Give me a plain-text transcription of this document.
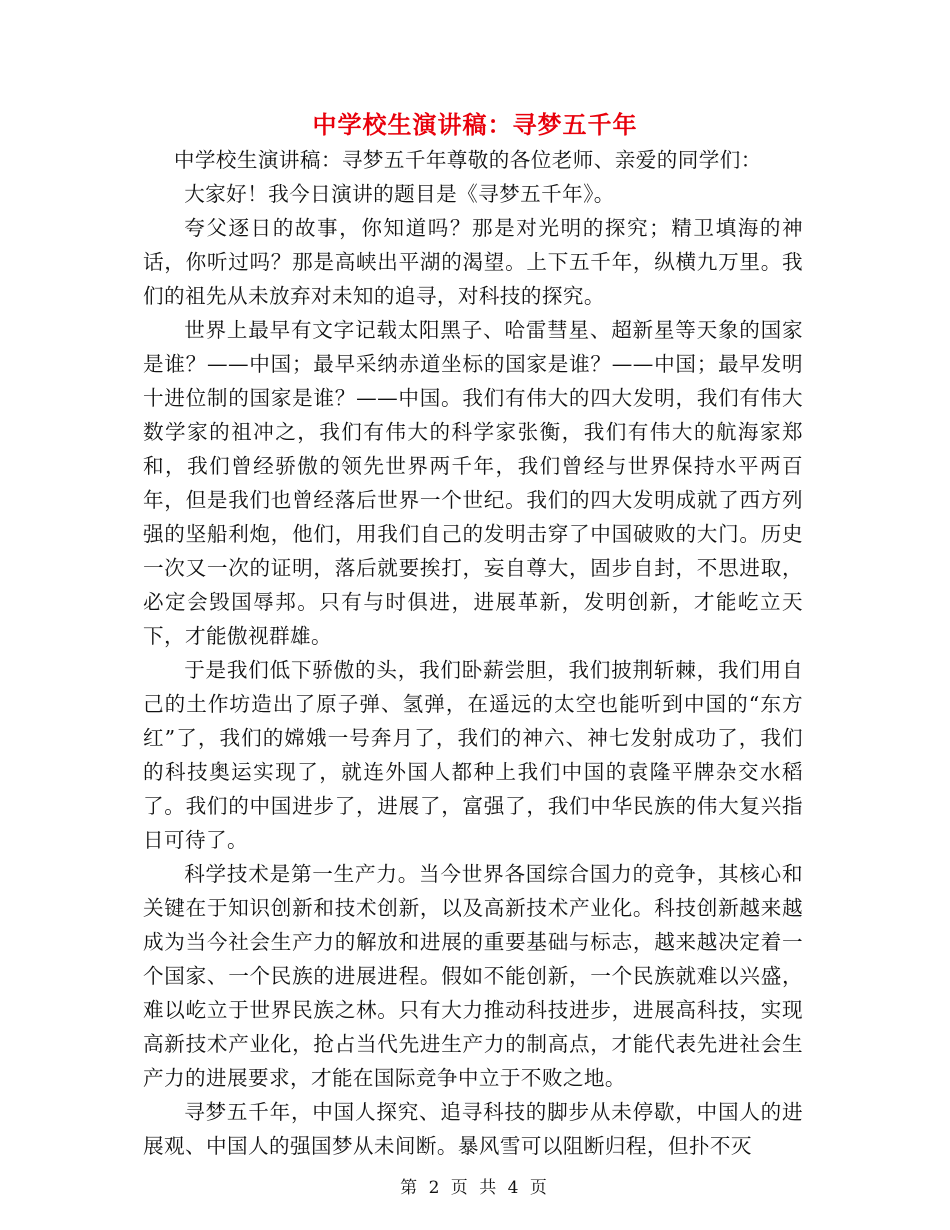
中学校生演讲稿：寻梦五千年

中学校生演讲稿：寻梦五千年尊敬的各位老师、亲爱的同学们：

大家好！我今日演讲的题目是《寻梦五千年》。

夸父逐日的故事，你知道吗？那是对光明的探究；精卫填海的神话，你听过吗？那是高峡出平湖的渴望。上下五千年，纵横九万里。我们的祖先从未放弃对未知的追寻，对科技的探究。

世界上最早有文字记载太阳黑子、哈雷彗星、超新星等天象的国家是谁？——中国；最早采纳赤道坐标的国家是谁？——中国；最早发明十进位制的国家是谁？——中国。我们有伟大的四大发明，我们有伟大数学家的祖冲之，我们有伟大的科学家张衡，我们有伟大的航海家郑和，我们曾经骄傲的领先世界两千年，我们曾经与世界保持水平两百年，但是我们也曾经落后世界一个世纪。我们的四大发明成就了西方列强的坚船利炮，他们，用我们自己的发明击穿了中国破败的大门。历史一次又一次的证明，落后就要挨打，妄自尊大，固步自封，不思进取，必定会毁国辱邦。只有与时俱进，进展革新，发明创新，才能屹立天下，才能傲视群雄。

于是我们低下骄傲的头，我们卧薪尝胆，我们披荆斩棘，我们用自己的土作坊造出了原子弹、氢弹，在遥远的太空也能听到中国的“东方红”了，我们的嫦娥一号奔月了，我们的神六、神七发射成功了，我们的科技奥运实现了，就连外国人都种上我们中国的袁隆平牌杂交水稻了。我们的中国进步了，进展了，富强了，我们中华民族的伟大复兴指日可待了。

科学技术是第一生产力。当今世界各国综合国力的竞争，其核心和关键在于知识创新和技术创新，以及高新技术产业化。科技创新越来越成为当今社会生产力的解放和进展的重要基础与标志，越来越决定着一个国家、一个民族的进展进程。假如不能创新，一个民族就难以兴盛，难以屹立于世界民族之林。只有大力推动科技进步，进展高科技，实现高新技术产业化，抢占当代先进生产力的制高点，才能代表先进社会生产力的进展要求，才能在国际竞争中立于不败之地。

寻梦五千年，中国人探究、追寻科技的脚步从未停歇，中国人的进展观、中国人的强国梦从未间断。暴风雪可以阻断归程，但扑不灭

第 2 页 共 4 页
